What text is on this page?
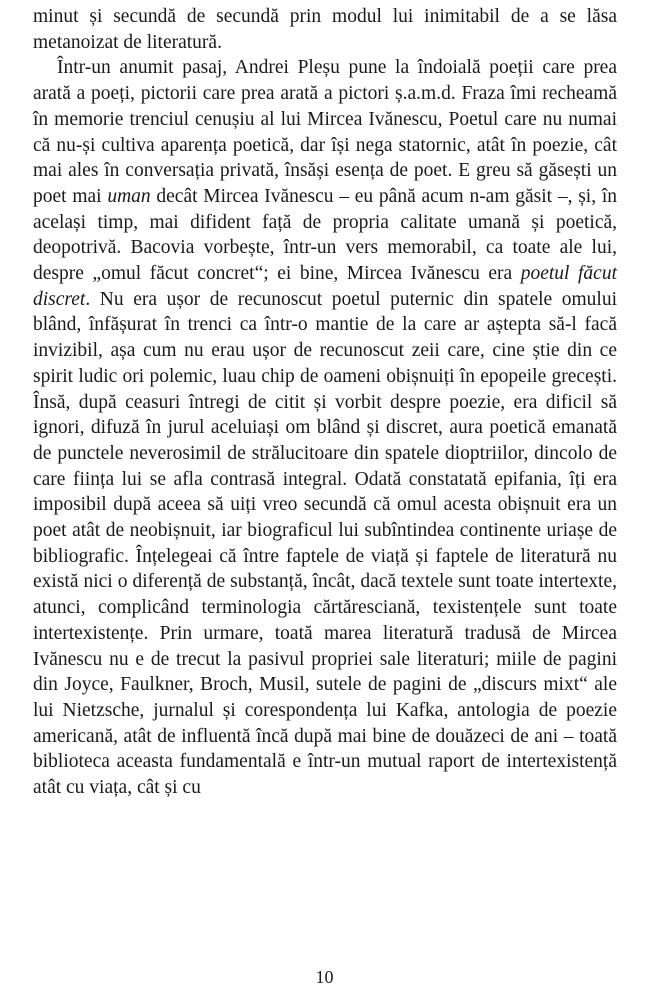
minut și secundă de secundă prin modul lui inimitabil de a se lăsa metanoizat de literatură.

Într-un anumit pasaj, Andrei Pleșu pune la îndoială poeții care prea arată a poeți, pictorii care prea arată a pictori ș.a.m.d. Fraza îmi recheamă în memorie trenciul cenușiu al lui Mircea Ivănescu, Poetul care nu numai că nu-și cultiva aparența poetică, dar își nega statornic, atât în poezie, cât mai ales în conversația privată, însăși esența de poet. E greu să găsești un poet mai uman decât Mircea Ivănescu – eu până acum n-am găsit –, și, în același timp, mai difident față de propria calitate umană și poetică, deopotrivă. Bacovia vorbește, într-un vers memorabil, ca toate ale lui, despre „omul făcut concret“; ei bine, Mircea Ivănescu era poetul făcut discret. Nu era ușor de recunoscut poetul puternic din spatele omului blând, înfășurat în trenci ca într-o mantie de la care ar aștepta să-l facă invizibil, așa cum nu erau ușor de recunoscut zeii care, cine știe din ce spirit ludic ori polemic, luau chip de oameni obișnuiți în epopeile grecești. Însă, după ceasuri întregi de citit și vorbit despre poezie, era dificil să ignori, difuză în jurul aceluiași om blând și discret, aura poetică emanată de punctele neverosimil de strălucitoare din spatele dioptriilor, dincolo de care ființa lui se afla contrasă integral. Odată constatată epifania, îți era imposibil după aceea să uiți vreo secundă că omul acesta obișnuit era un poet atât de neobișnuit, iar biograficul lui subîntindea continente uriașe de bibliografic. Înțelegeai că între faptele de viață și faptele de literatură nu există nici o diferență de substanță, încât, dacă textele sunt toate intertexte, atunci, complicând terminologia cărtăresciană, texistențele sunt toate intertexistențe. Prin urmare, toată marea literatură tradusă de Mircea Ivănescu nu e de trecut la pasivul propriei sale literaturi; miile de pagini din Joyce, Faulkner, Broch, Musil, sutele de pagini de „discurs mixt“ ale lui Nietzsche, jurnalul și corespondența lui Kafka, antologia de poezie americană, atât de influentă încă după mai bine de douăzeci de ani – toată biblioteca aceasta fundamentală e într-un mutual raport de intertexistență atât cu viața, cât și cu

10
